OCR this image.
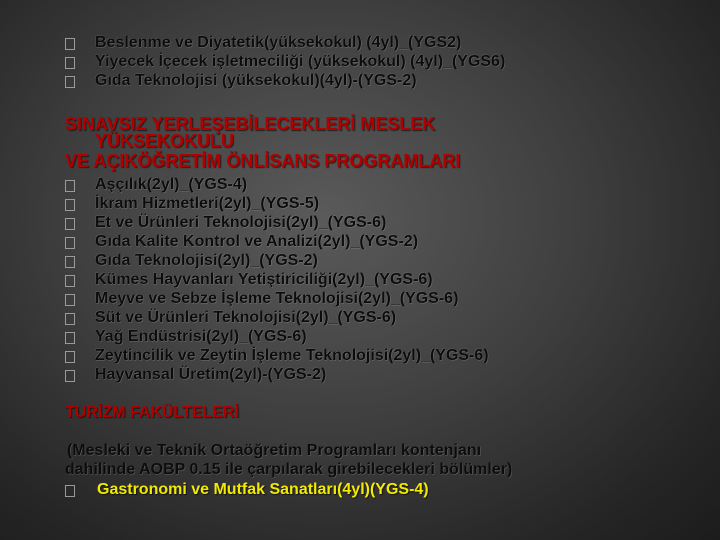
Beslenme ve Diyatetik(yüksekokul) (4yl)_(YGS2)
Yiyecek İçecek işletmeciliği (yüksekokul) (4yl)_(YGS6)
Gıda Teknolojisi (yüksekokul)(4yl)-(YGS-2)
SINAVSIZ YERLEŞEBİLECEKLERİ MESLEK
YÜKSEKOKULU
VE AÇIKÖĞRETİM ÖNLİSANS PROGRAMLARI
Aşçılık(2yl)_(YGS-4)
İkram Hizmetleri(2yl)_(YGS-5)
Et ve Ürünleri Teknolojisi(2yl)_(YGS-6)
Gıda Kalite Kontrol ve Analizi(2yl)_(YGS-2)
Gıda Teknolojisi(2yl)_(YGS-2)
Kümes Hayvanları Yetiştiriciliği(2yl)_(YGS-6)
Meyve ve Sebze İşleme Teknolojisi(2yl)_(YGS-6)
Süt ve Ürünleri Teknolojisi(2yl)_(YGS-6)
Yağ Endüstrisi(2yl)_(YGS-6)
Zeytincilik ve Zeytin İşleme Teknolojisi(2yl)_(YGS-6)
Hayvansal Üretim(2yl)-(YGS-2)
TURİZM FAKÜLTELERİ
(Mesleki ve Teknik Ortaöğretim Programları kontenjanı
dahilinde AOBP 0.15 ile çarpılarak girebilecekleri bölümler)
Gastronomi ve Mutfak Sanatları(4yl)(YGS-4)
